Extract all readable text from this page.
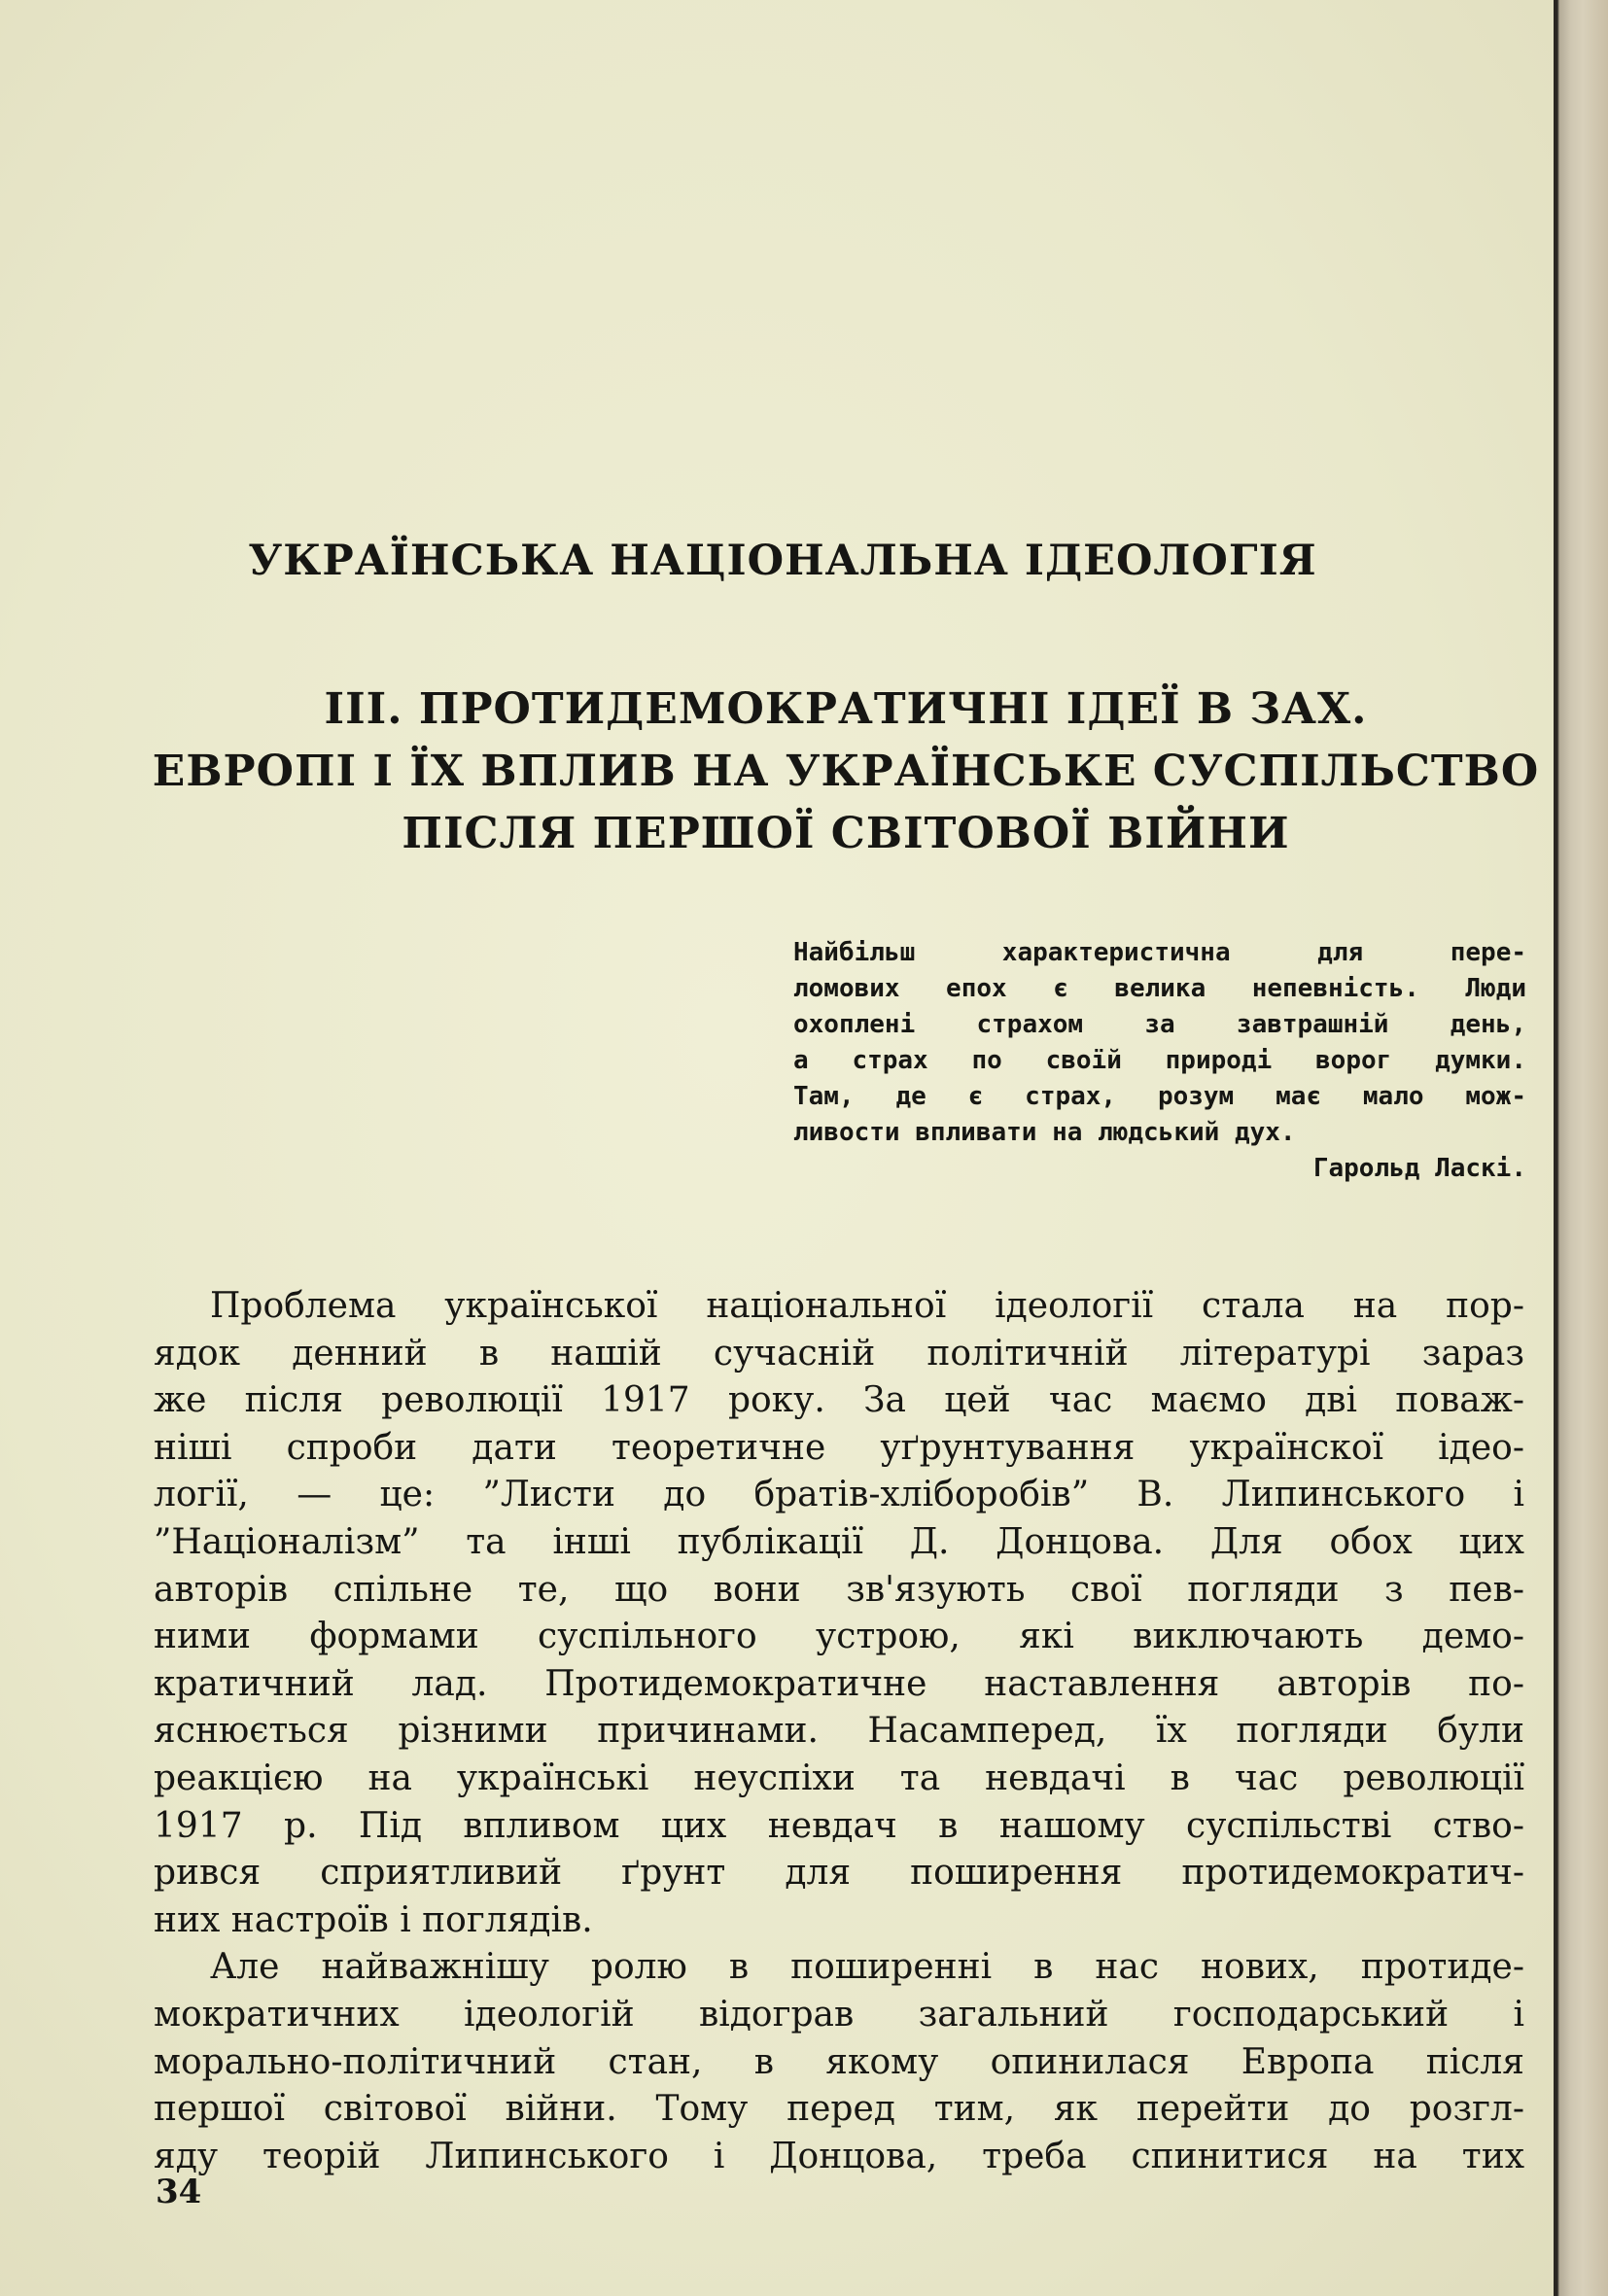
УКРАЇНСЬКА НАЦІОНАЛЬНА ІДЕОЛОГІЯ
III. ПРОТИДЕМОКРАТИЧНІ ІДЕЇ В ЗАХ.
ЕВРОПІ І ЇХ ВПЛИВ НА УКРАЇНСЬКЕ СУСПІЛЬСТВО
ПІСЛЯ ПЕРШОЇ СВІТОВОЇ ВІЙНИ
Найбільш характеристична для пере-
ломових епох є велика непевність. Люди
охоплені страхом за завтрашній день,
а страх по своїй природі ворог думки.
Там, де є страх, розум має мало мож-
ливости впливати на людський дух.
Гарольд Ласкі.
Проблема української національної ідеології стала на пор-
ядок денний в нашій сучасній політичній літературі зараз
же після революції 1917 року. За цей час маємо дві поваж-
ніші спроби дати теоретичне уґрунтування українскої ідео-
логії, — це: ”Листи до братів-хліборобів” В. Липинського і
”Націоналізм” та інші публікації Д. Донцова. Для обох цих
авторів спільне те, що вони зв'язують свої погляди з пев-
ними формами суспільного устрою, які виключають демо-
кратичний лад. Протидемократичне наставлення авторів по-
яснюється різними причинами. Насамперед, їх погляди були
реакцією на українські неуспіхи та невдачі в час революції
1917 р. Під впливом цих невдач в нашому суспільстві ство-
рився сприятливий ґрунт для поширення протидемократич-
них настроїв і поглядів.
Але найважнішу ролю в поширенні в нас нових, протиде-
мократичних ідеологій відограв загальний господарський і
морально-політичний стан, в якому опинилася Европа після
першої світової війни. Тому перед тим, як перейти до розгл-
яду теорій Липинського і Донцова, треба спинитися на тих
34
